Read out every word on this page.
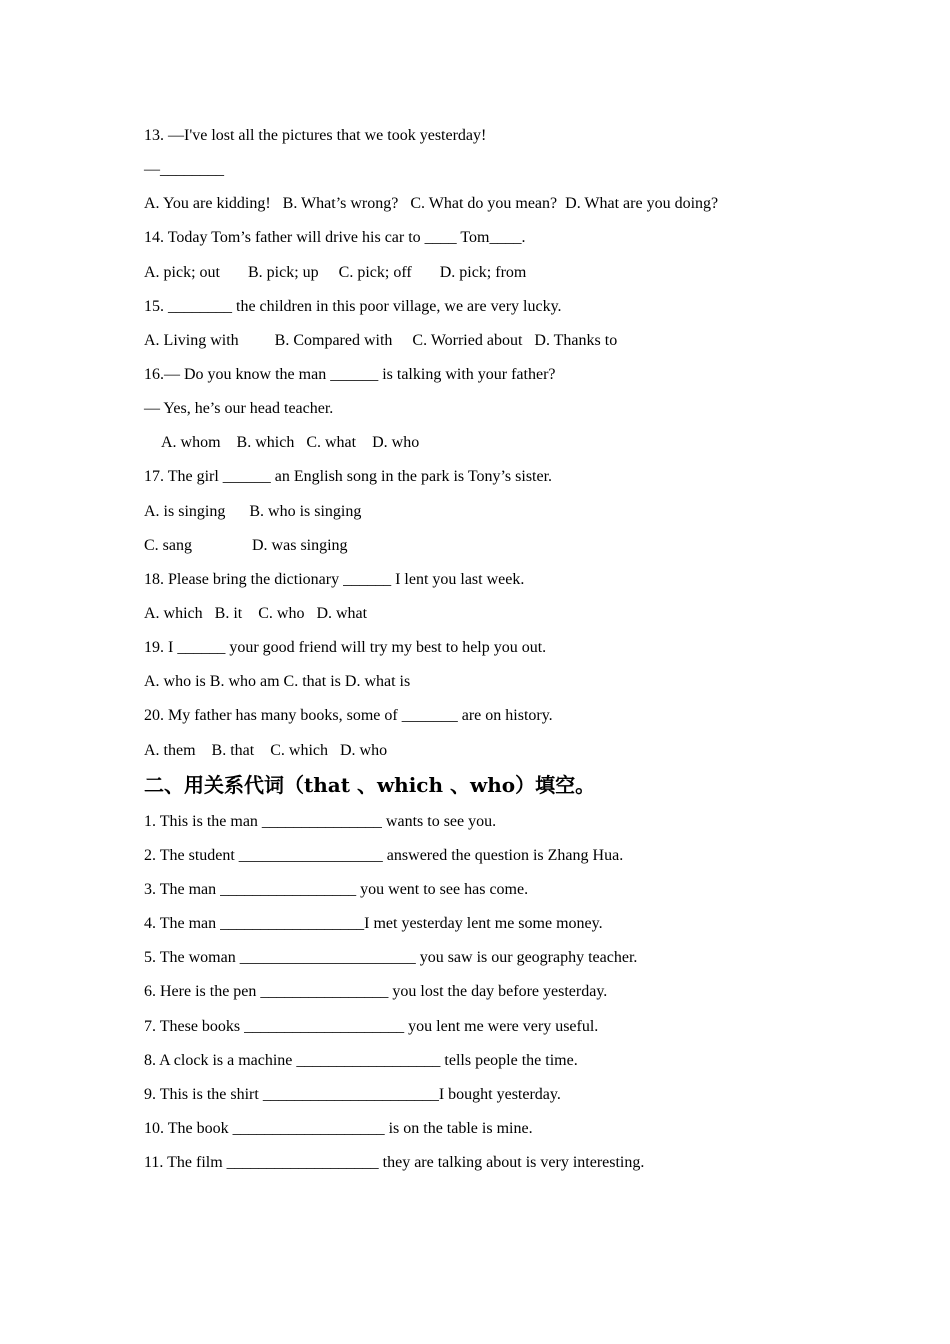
13. —I've lost all the pictures that we took yesterday!
—________
A. You are kidding!   B. What’s wrong?   C. What do you mean?  D. What are you doing?
14. Today Tom’s father will drive his car to ____ Tom____.
A. pick; out       B. pick; up     C. pick; off       D. pick; from
15. ________ the children in this poor village, we are very lucky.
A. Living with         B. Compared with     C. Worried about   D. Thanks to
16.— Do you know the man ______ is talking with your father?
— Yes, he’s our head teacher.
A. whom    B. which   C. what    D. who
17. The girl ______ an English song in the park is Tony’s sister.
A. is singing      B. who is singing
C. sang               D. was singing
18. Please bring the dictionary ______ I lent you last week.
A. which   B. it    C. who   D. what
19. I ______ your good friend will try my best to help you out.
A. who is B. who am C. that is D. what is
20. My father has many books, some of _______ are on history.
A. them    B. that    C. which   D. who
二、用关系代词（that 、which 、who）填空。
1. This is the man _______________ wants to see you.
2. The student __________________ answered the question is Zhang Hua.
3. The man _________________ you went to see has come.
4. The man __________________I met yesterday lent me some money.
5. The woman ______________________ you saw is our geography teacher.
6. Here is the pen ________________ you lost the day before yesterday.
7. These books ____________________ you lent me were very useful.
8. A clock is a machine __________________ tells people the time.
9. This is the shirt ______________________I bought yesterday.
10. The book ___________________ is on the table is mine.
11. The film ___________________ they are talking about is very interesting.
